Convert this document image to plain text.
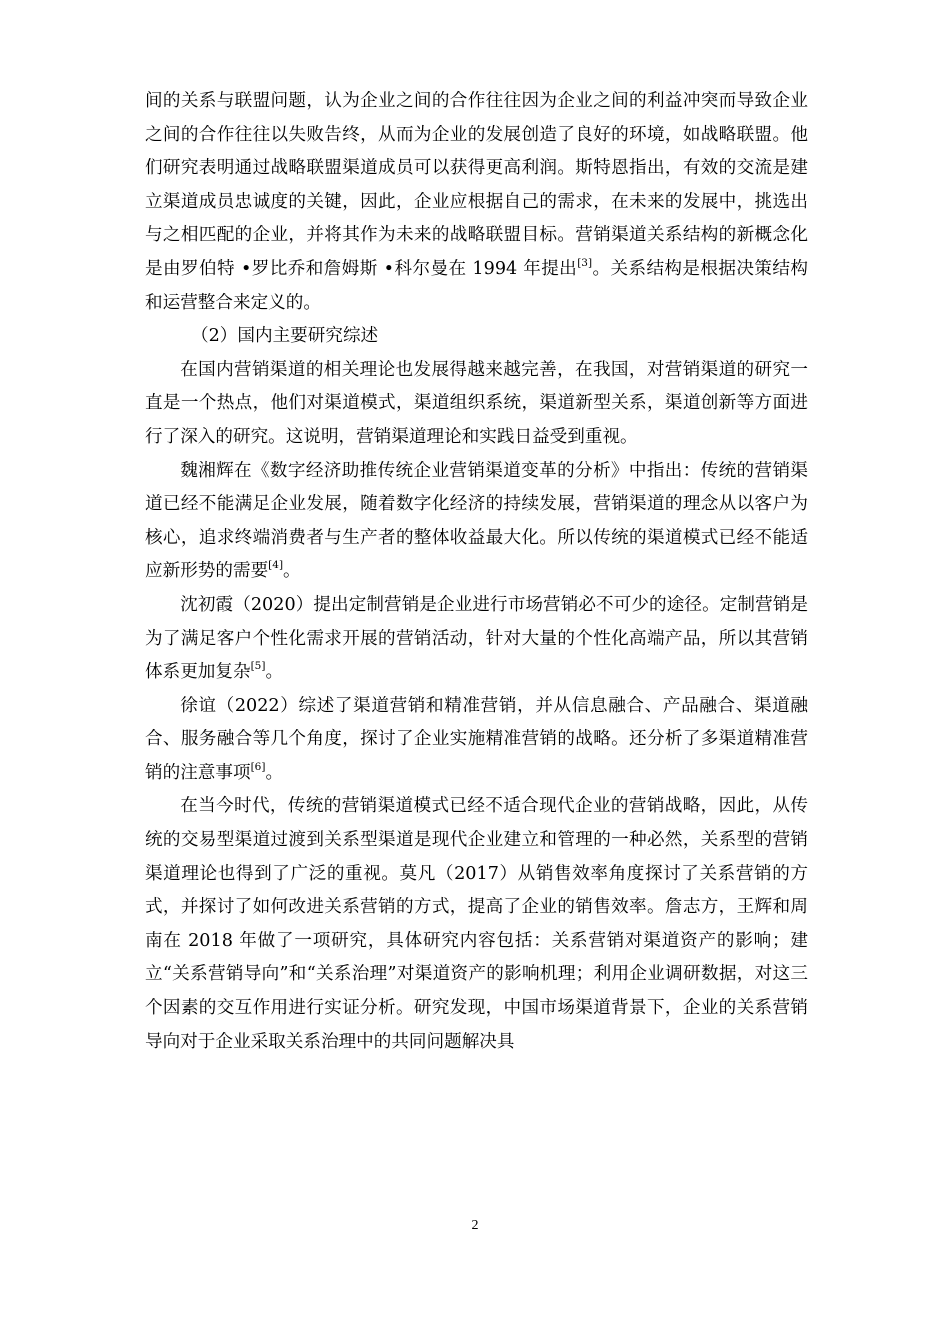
间的关系与联盟问题，认为企业之间的合作往往因为企业之间的利益冲突而导致企业之间的合作往往以失败告终，从而为企业的发展创造了良好的环境，如战略联盟。他们研究表明通过战略联盟渠道成员可以获得更高利润。斯特恩指出，有效的交流是建立渠道成员忠诚度的关键，因此，企业应根据自己的需求，在未来的发展中，挑选出与之相匹配的企业，并将其作为未来的战略联盟目标。营销渠道关系结构的新概念化是由罗伯特 •罗比乔和詹姆斯 •科尔曼在 1994 年提出[3]。关系结构是根据决策结构和运营整合来定义的。

（2）国内主要研究综述

在国内营销渠道的相关理论也发展得越来越完善，在我国，对营销渠道的研究一直是一个热点，他们对渠道模式，渠道组织系统，渠道新型关系，渠道创新等方面进行了深入的研究。这说明，营销渠道理论和实践日益受到重视。

魏湘辉在《数字经济助推传统企业营销渠道变革的分析》中指出：传统的营销渠道已经不能满足企业发展，随着数字化经济的持续发展，营销渠道的理念从以客户为核心，追求终端消费者与生产者的整体收益最大化。所以传统的渠道模式已经不能适应新形势的需要[4]。

沈初霞（2020）提出定制营销是企业进行市场营销必不可少的途径。定制营销是为了满足客户个性化需求开展的营销活动，针对大量的个性化高端产品，所以其营销体系更加复杂[5]。

徐谊（2022）综述了渠道营销和精准营销，并从信息融合、产品融合、渠道融合、服务融合等几个角度，探讨了企业实施精准营销的战略。还分析了多渠道精准营销的注意事项[6]。

在当今时代，传统的营销渠道模式已经不适合现代企业的营销战略，因此，从传统的交易型渠道过渡到关系型渠道是现代企业建立和管理的一种必然，关系型的营销渠道理论也得到了广泛的重视。莫凡（2017）从销售效率角度探讨了关系营销的方式，并探讨了如何改进关系营销的方式，提高了企业的销售效率。詹志方，王辉和周南在 2018 年做了一项研究，具体研究内容包括：关系营销对渠道资产的影响；建立“关系营销导向”和“关系治理”对渠道资产的影响机理；利用企业调研数据，对这三个因素的交互作用进行实证分析。研究发现，中国市场渠道背景下，企业的关系营销导向对于企业采取关系治理中的共同问题解决具

2
